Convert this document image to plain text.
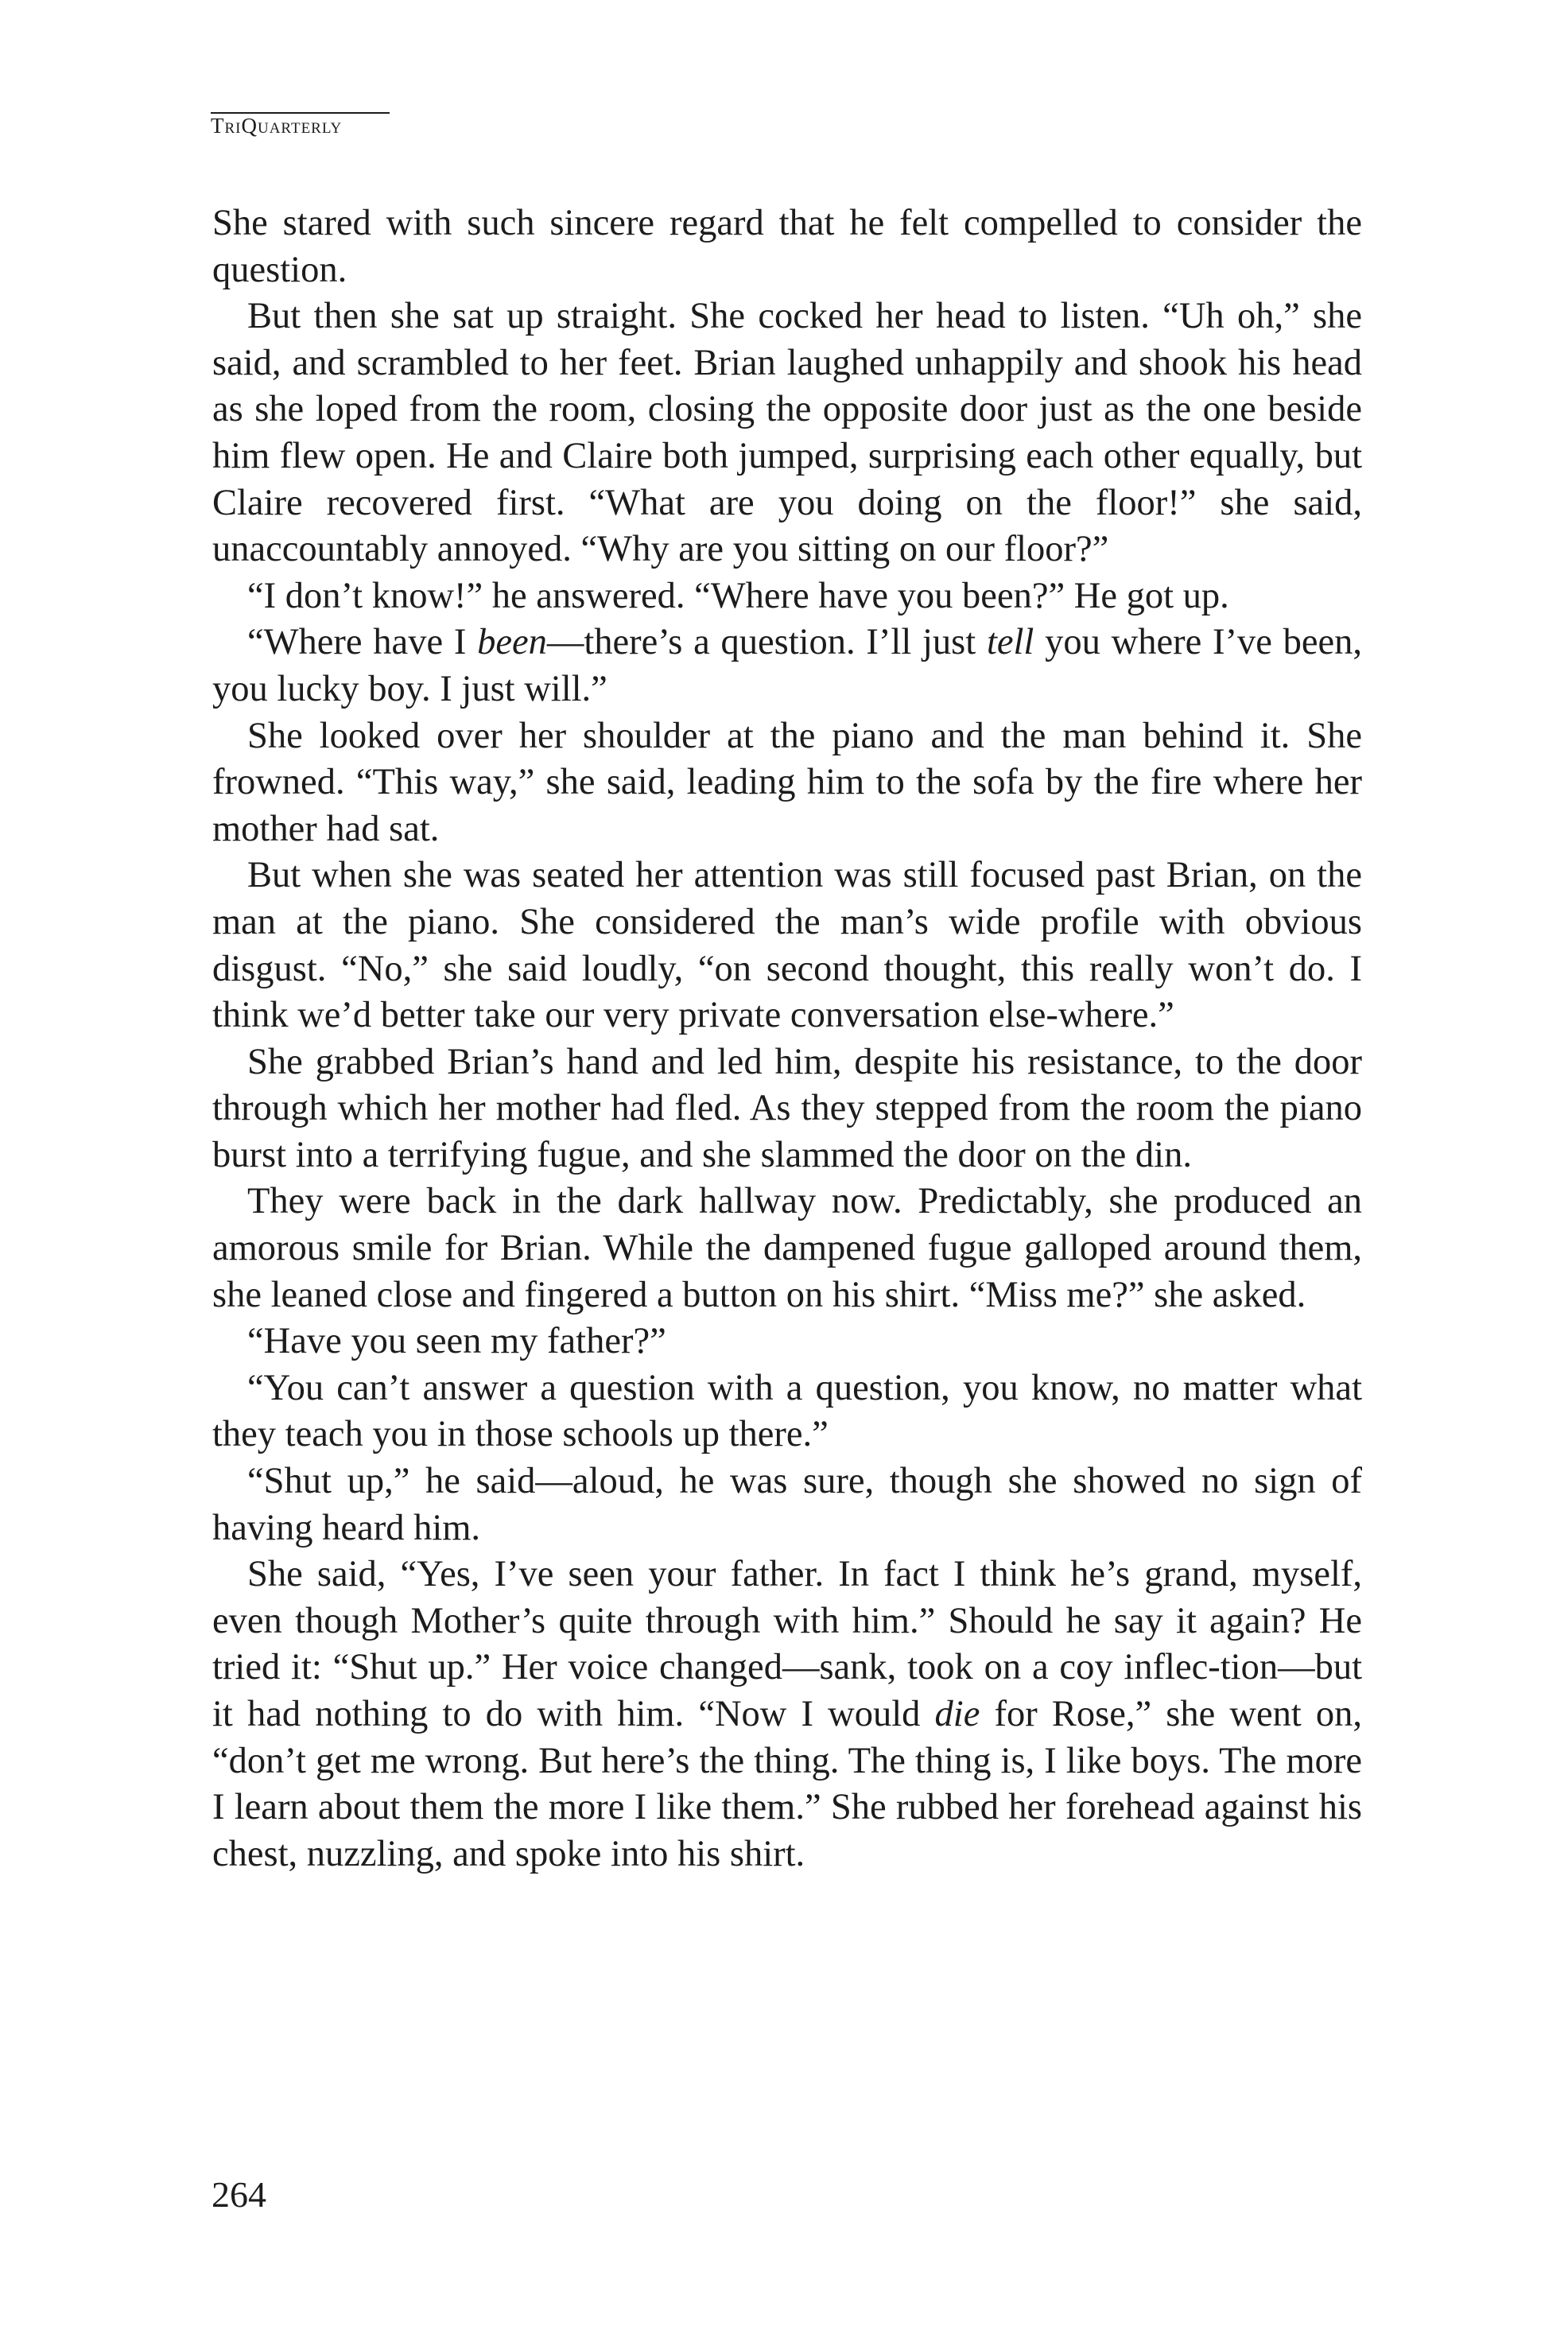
TriQuarterly

She stared with such sincere regard that he felt compelled to consider the question.

But then she sat up straight. She cocked her head to listen. “Uh oh,” she said, and scrambled to her feet. Brian laughed unhappily and shook his head as she loped from the room, closing the opposite door just as the one beside him flew open. He and Claire both jumped, surprising each other equally, but Claire recovered first. “What are you doing on the floor!” she said, unaccountably annoyed. “Why are you sitting on our floor?”

“I don’t know!” he answered. “Where have you been?” He got up.

“Where have I been—there’s a question. I’ll just tell you where I’ve been, you lucky boy. I just will.”

She looked over her shoulder at the piano and the man behind it. She frowned. “This way,” she said, leading him to the sofa by the fire where her mother had sat.

But when she was seated her attention was still focused past Brian, on the man at the piano. She considered the man’s wide profile with obvious disgust. “No,” she said loudly, “on second thought, this really won’t do. I think we’d better take our very private conversation else-where.”

She grabbed Brian’s hand and led him, despite his resistance, to the door through which her mother had fled. As they stepped from the room the piano burst into a terrifying fugue, and she slammed the door on the din.

They were back in the dark hallway now. Predictably, she produced an amorous smile for Brian. While the dampened fugue galloped around them, she leaned close and fingered a button on his shirt. “Miss me?” she asked.

“Have you seen my father?”

“You can’t answer a question with a question, you know, no matter what they teach you in those schools up there.”

“Shut up,” he said—aloud, he was sure, though she showed no sign of having heard him.

She said, “Yes, I’ve seen your father. In fact I think he’s grand, myself, even though Mother’s quite through with him.” Should he say it again? He tried it: “Shut up.” Her voice changed—sank, took on a coy inflec-tion—but it had nothing to do with him. “Now I would die for Rose,” she went on, “don’t get me wrong. But here’s the thing. The thing is, I like boys. The more I learn about them the more I like them.” She rubbed her forehead against his chest, nuzzling, and spoke into his shirt.

264
